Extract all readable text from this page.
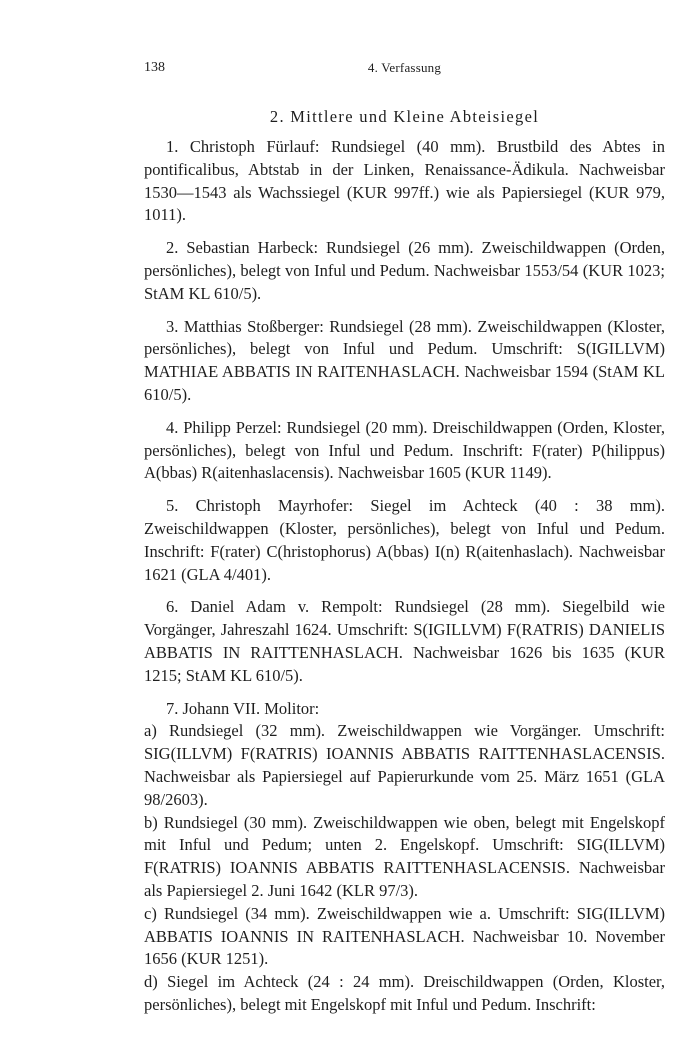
138	4. Verfassung
2. Mittlere und Kleine Abteisiegel

1. Christoph Fürlauf: Rundsiegel (40 mm). Brustbild des Abtes in pontificalibus, Abtstab in der Linken, Renaissance-Ädikula. Nachweisbar 1530—1543 als Wachssiegel (KUR 997ff.) wie als Papiersiegel (KUR 979, 1011).

2. Sebastian Harbeck: Rundsiegel (26 mm). Zweischildwappen (Orden, persönliches), belegt von Inful und Pedum. Nachweisbar 1553/54 (KUR 1023; StAM KL 610/5).

3. Matthias Stoßberger: Rundsiegel (28 mm). Zweischildwappen (Kloster, persönliches), belegt von Inful und Pedum. Umschrift: S(IGILLVM) MATHIAE ABBATIS IN RAITENHASLACH. Nachweisbar 1594 (StAM KL 610/5).

4. Philipp Perzel: Rundsiegel (20 mm). Dreischildwappen (Orden, Kloster, persönliches), belegt von Inful und Pedum. Inschrift: F(rater) P(hilippus) A(bbas) R(aitenhaslacensis). Nachweisbar 1605 (KUR 1149).

5. Christoph Mayrhofer: Siegel im Achteck (40 : 38 mm). Zweischildwappen (Kloster, persönliches), belegt von Inful und Pedum. Inschrift: F(rater) C(hristophorus) A(bbas) I(n) R(aitenhaslach). Nachweisbar 1621 (GLA 4/401).

6. Daniel Adam v. Rempolt: Rundsiegel (28 mm). Siegelbild wie Vorgänger, Jahreszahl 1624. Umschrift: S(IGILLVM) F(RATRIS) DANIELIS ABBATIS IN RAITTENHASLACH. Nachweisbar 1626 bis 1635 (KUR 1215; StAM KL 610/5).

7. Johann VII. Molitor:
a) Rundsiegel (32 mm). Zweischildwappen wie Vorgänger. Umschrift: SIG(ILLVM) F(RATRIS) IOANNIS ABBATIS RAITTENHASLACENSIS. Nachweisbar als Papiersiegel auf Papierurkunde vom 25. März 1651 (GLA 98/2603).
b) Rundsiegel (30 mm). Zweischildwappen wie oben, belegt mit Engelskopf mit Inful und Pedum; unten 2. Engelskopf. Umschrift: SIG(ILLVM) F(RATRIS) IOANNIS ABBATIS RAITTENHASLACENSIS. Nachweisbar als Papiersiegel 2. Juni 1642 (KLR 97/3).
c) Rundsiegel (34 mm). Zweischildwappen wie a. Umschrift: SIG(ILLVM) ABBATIS IOANNIS IN RAITENHASLACH. Nachweisbar 10. November 1656 (KUR 1251).
d) Siegel im Achteck (24 : 24 mm). Dreischildwappen (Orden, Kloster, persönliches), belegt mit Engelskopf mit Inful und Pedum. Inschrift:
